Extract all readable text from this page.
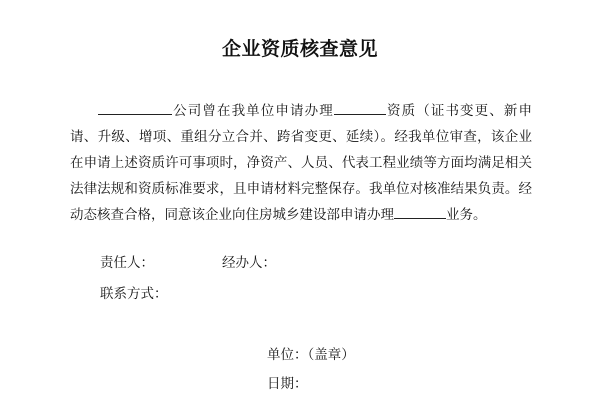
企业资质核查意见

公司曾在我单位申请办理	资质（证书变更、新申请、升级、增项、重组分立合并、跨省变更、延续）。经我单位审查，该企业在申请上述资质许可事项时，净资产、人员、代表工程业绩等方面均满足相关法律法规和资质标准要求，且申请材料完整保存。我单位对核准结果负责。经动态核查合格，同意该企业向住房城乡建设部申请办理	业务。

责任人：	经办人：
联系方式：
单位：（盖章）
日期：
